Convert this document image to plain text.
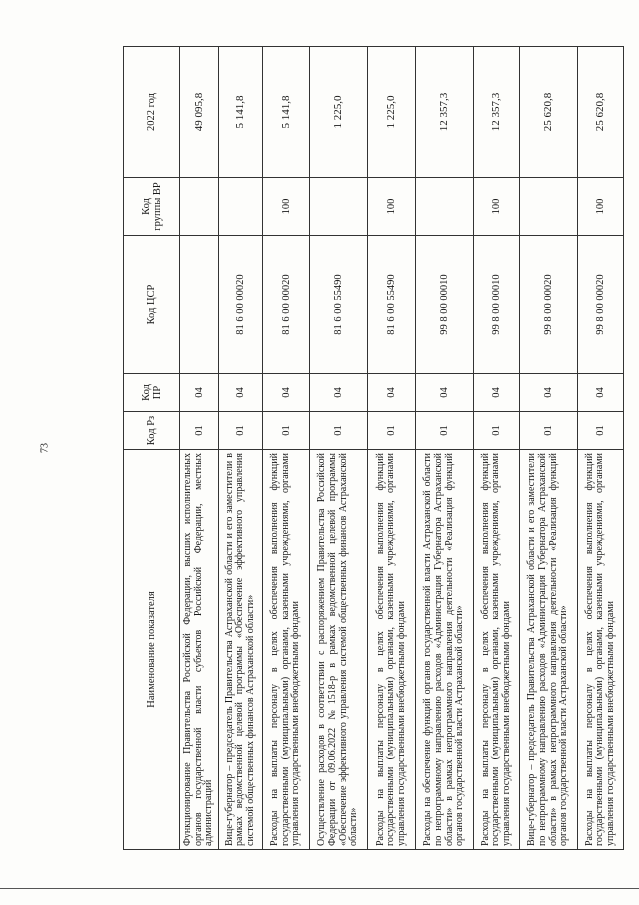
73
Наименование показателя	Код Рз	Код ПР	Код ЦСР	Код группы ВР	2022 год
Функционирование Правительства Российской Федерации, высших исполнительных органов государственной власти субъектов Российской Федерации, местных администраций	01	04			49 095,8
Вице-губернатор – председатель Правительства Астраханской области и его заместители в рамках ведомственной целевой программы «Обеспечение эффективного управления системой общественных финансов Астраханской области»	01	04	81 6 00 00020		5 141,8
Расходы на выплаты персоналу в целях обеспечения выполнения функций государственными (муниципальными) органами, казенными учреждениями, органами управления государственными внебюджетными фондами	01	04	81 6 00 00020	100	5 141,8
Осуществление расходов в соответствии с распоряжением Правительства Российской Федерации от 09.06.2022 №1518-р в рамках ведомственной целевой программы «Обеспечение эффективного управления системой общественных финансов Астраханской области»	01	04	81 6 00 55490		1 225,0
Расходы на выплаты персоналу в целях обеспечения выполнения функций государственными (муниципальными) органами, казенными учреждениями, органами управления государственными внебюджетными фондами	01	04	81 6 00 55490	100	1 225,0
Расходы на обеспечение функций органов государственной власти Астраханской области по непрограммному направлению расходов «Администрация Губернатора Астраханской области» в рамках непрограммного направления деятельности «Реализация функций органов государственной власти Астраханской области»	01	04	99 8 00 00010		12 357,3
Расходы на выплаты персоналу в целях обеспечения выполнения функций государственными (муниципальными) органами, казенными учреждениями, органами управления государственными внебюджетными фондами	01	04	99 8 00 00010	100	12 357,3
Вице-губернатор – председатель Правительства Астраханской области и его заместители по непрограммному направлению расходов «Администрация Губернатора Астраханской области» в рамках непрограммного направления деятельности «Реализация функций органов государственной власти Астраханской области»	01	04	99 8 00 00020		25 620,8
Расходы на выплаты персоналу в целях обеспечения выполнения функций государственными (муниципальными) органами, казенными учреждениями, органами управления государственными внебюджетными фондами	01	04	99 8 00 00020	100	25 620,8
